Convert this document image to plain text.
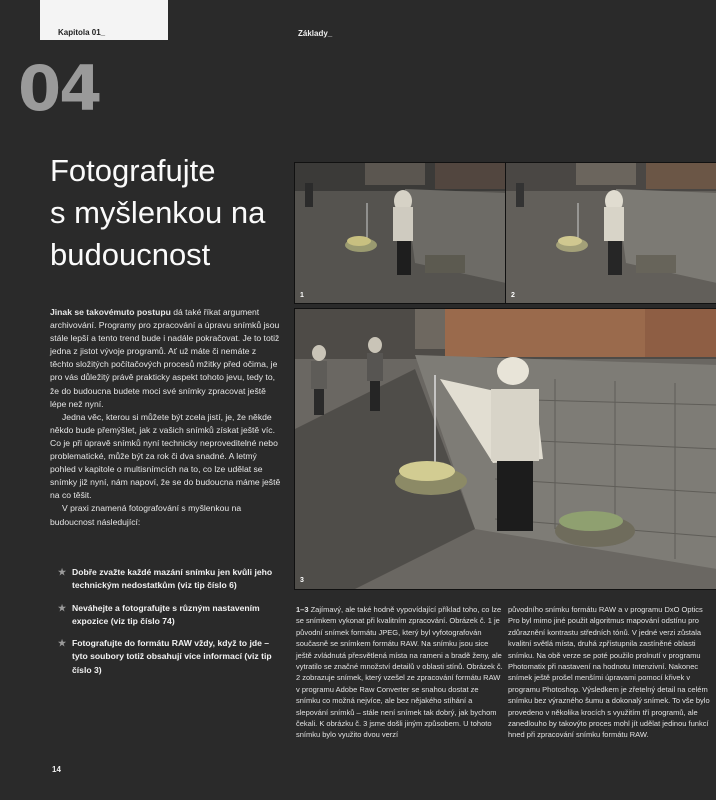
Kapitola 01_	Základy_
04
Fotografujte
s myšlenkou na
budoucnost

Jinak se takovémuto postupu dá také říkat argument archivování. Programy pro zpracování a úpravu snímků jsou stále lepší a tento trend bude i nadále pokračovat. Je to totiž jedna z jistot vývoje programů. Ať už máte či nemáte z těchto složitých počítačových procesů mžitky před očima, je pro vás důležitý právě prakticky aspekt tohoto jevu, tedy to, že do budoucna budete moci své snímky zpracovat ještě lépe než nyní.

Jedna věc, kterou si můžete být zcela jistí, je, že někde někdo bude přemýšlet, jak z vašich snímků získat ještě víc. Co je při úpravě snímků nyní technicky neproveditelné nebo problematické, může být za rok či dva snadné. A letmý pohled v kapitole o multisnímcích na to, co lze udělat se snímky již nyní, nám napoví, že se do budoucna máme ještě na co těšit.

V praxi znamená fotografování s myšlenkou na budoucnost následující:

★ Dobře zvažte každé mazání snímku jen kvůli jeho technickým nedostatkům (viz tip číslo 6)
★ Neváhejte a fotografujte s různým nastavením expozice (viz tip číslo 74)
★ Fotografujte do formátu RAW vždy, když to jde – tyto soubory totiž obsahují více informací (viz tip číslo 3)
14
1	2
3
1–3 Zajímavý, ale také hodně vypovídající příklad toho, co lze se snímkem vykonat při kvalitním zpracování. Obrázek č. 1 je původní snímek formátu JPEG, který byl vyfotografován současně se snímkem formátu RAW. Na snímku jsou sice ještě zvládnutá přesvětlená místa na rameni a bradě ženy, ale vytratilo se značné množství detailů v oblasti stínů. Obrázek č. 2 zobrazuje snímek, který vzešel ze zpracování formátu RAW v programu Adobe Raw Converter se snahou dostat ze snímku co možná nejvíce, ale bez nějakého stíhání a slepování snímků – stále není snímek tak dobrý, jak bychom čekali. K obrázku č. 3 jsme došli jiným způsobem. U tohoto snímku bylo využito dvou verzí
původního snímku formátu RAW a v programu DxO Optics Pro byl mimo jiné použit algoritmus mapování odstínu pro zdůraznění kontrastu středních tónů. V jedné verzi zůstala kvalitní světlá místa, druhá zpřístupnila zastíněné oblasti snímku. Na obě verze se poté použilo prolnutí v programu Photomatix při nastavení na hodnotu Intenzivní. Nakonec snímek ještě prošel menšími úpravami pomocí křivek v programu Photoshop. Výsledkem je zřetelný detail na celém snímku bez výrazného šumu a dokonalý snímek. To vše bylo provedeno v několika krocích s využitím tří programů, ale zanedlouho by takovýto proces mohl jít udělat jedinou funkcí hned při zpracování snímku formátu RAW.
